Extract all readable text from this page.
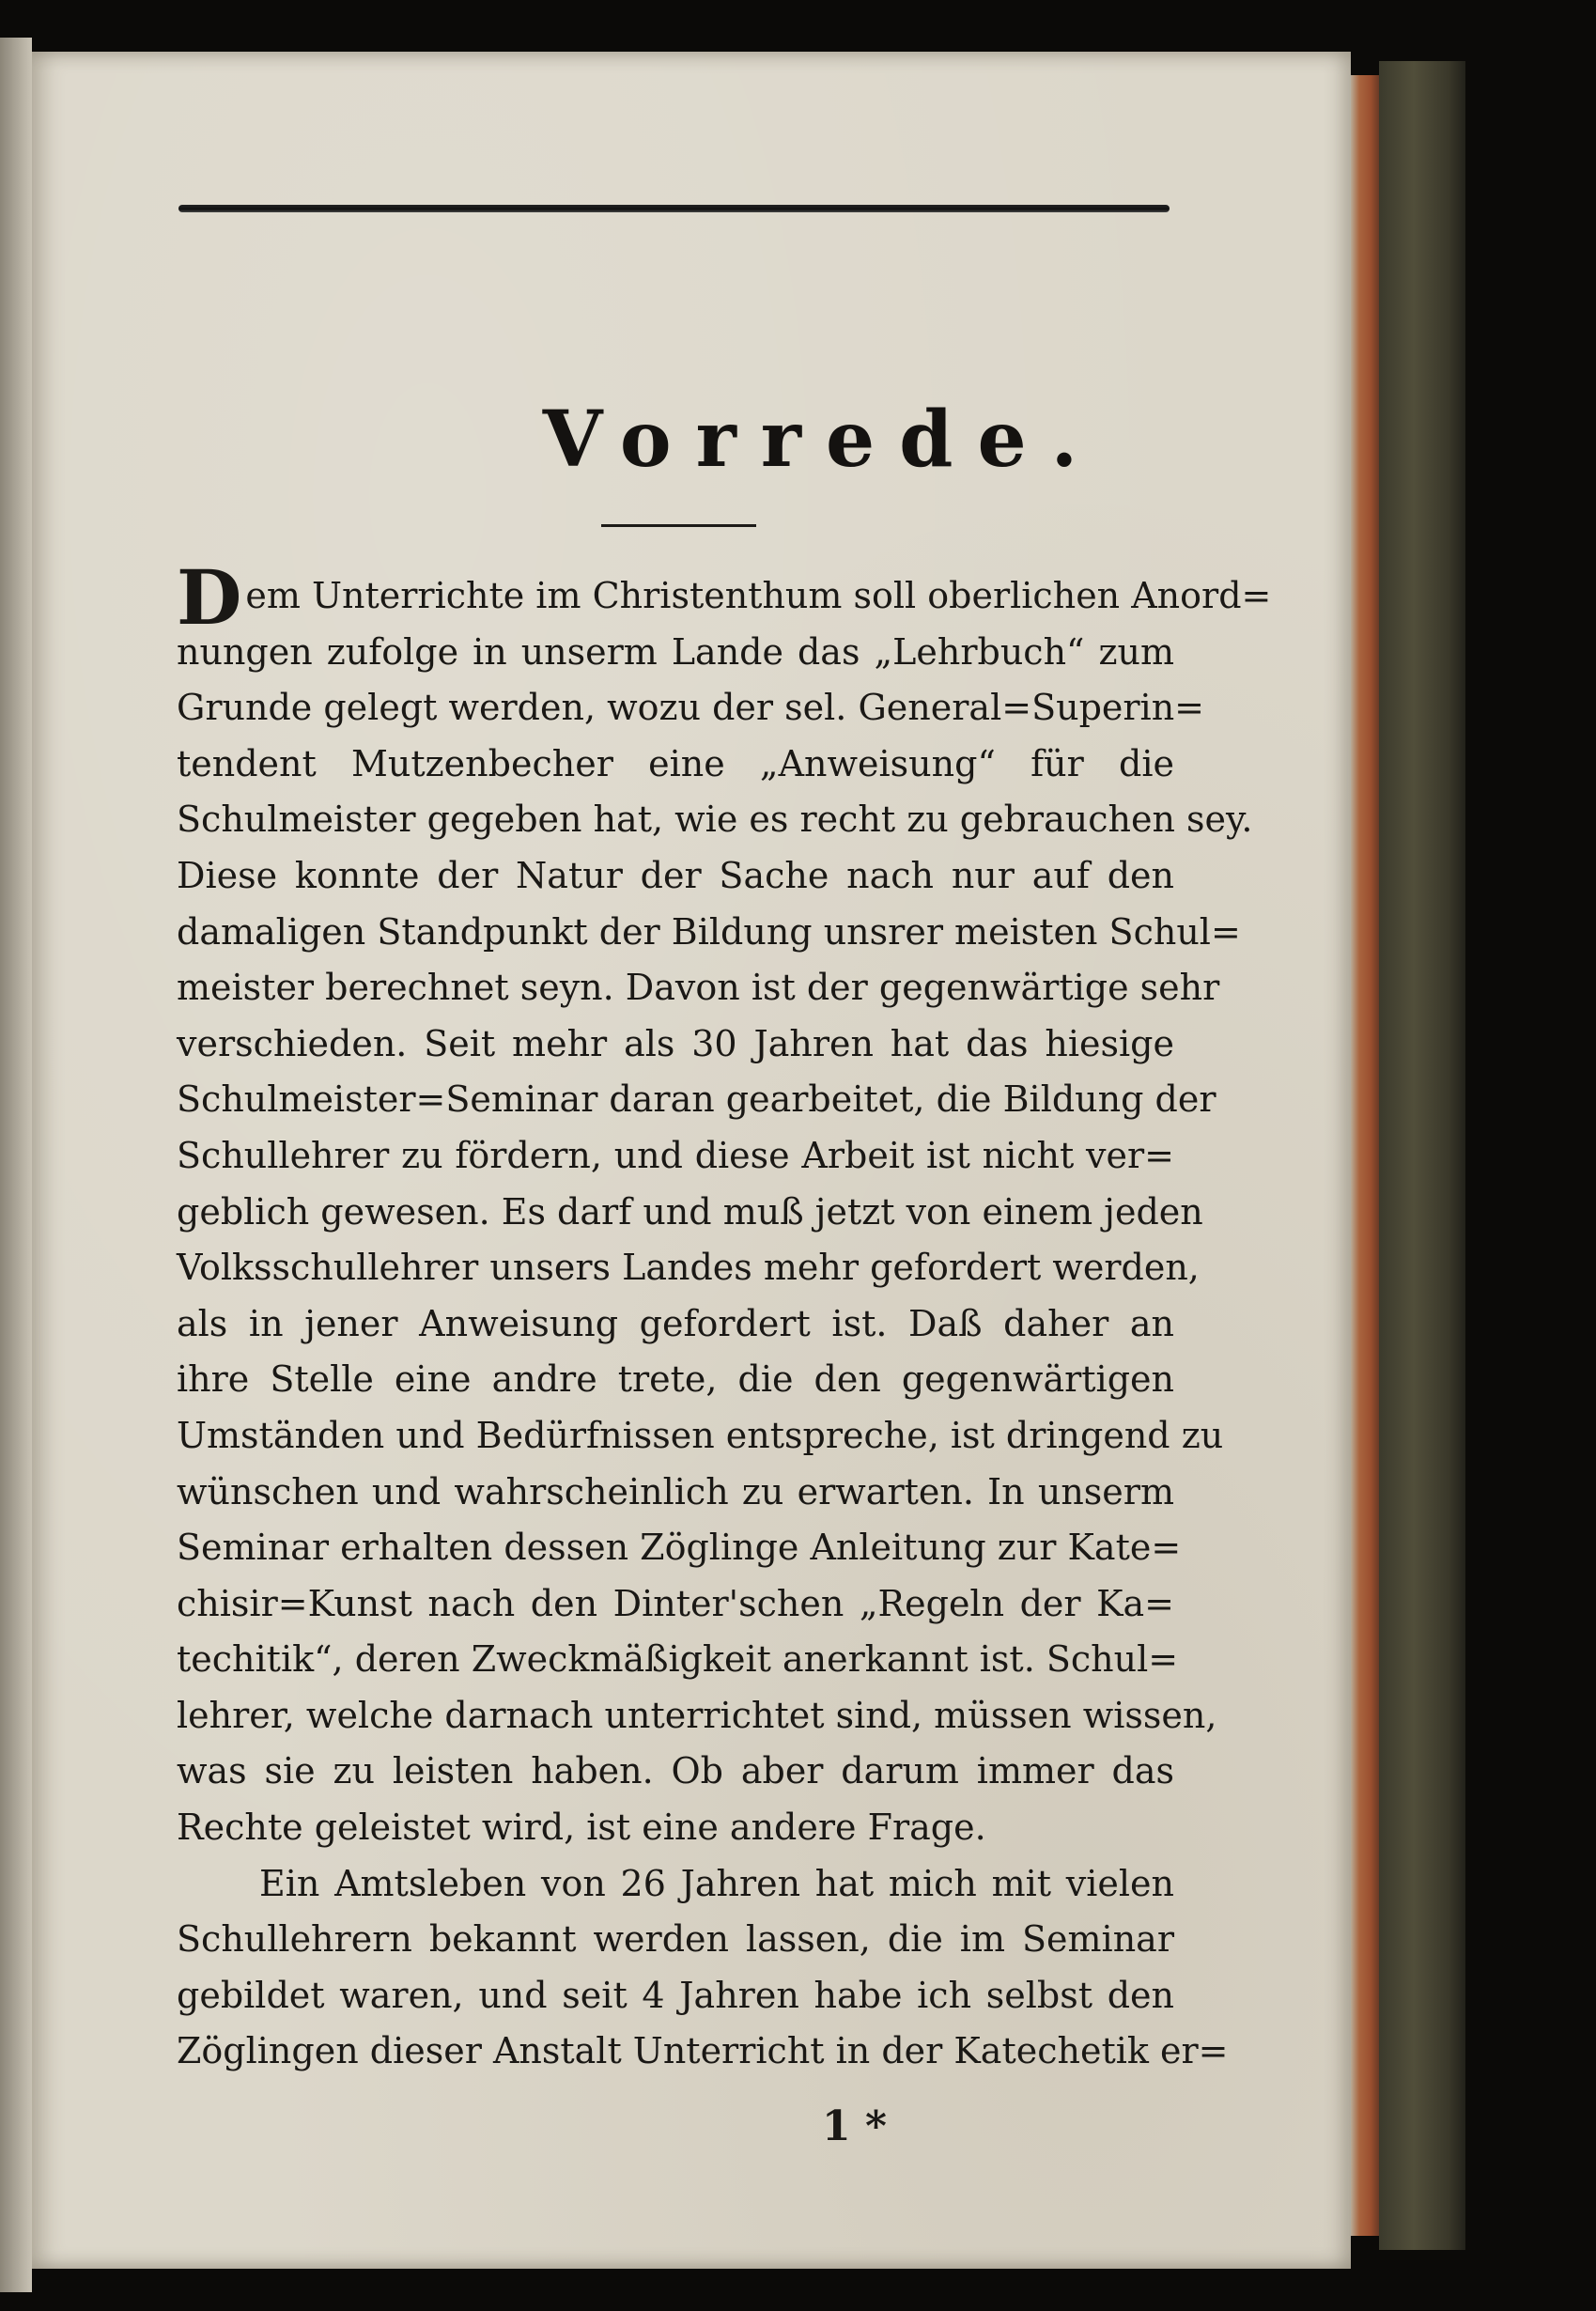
Vorrede.
D em Unterrichte im Christenthum soll oberlichen Anord=
nungen zufolge in unserm Lande das „Lehrbuch“ zum
Grunde gelegt werden, wozu der sel. General=Superin=
tendent Mutzenbecher eine „Anweisung“ für die
Schulmeister gegeben hat, wie es recht zu gebrauchen sey.
Diese konnte der Natur der Sache nach nur auf den
damaligen Standpunkt der Bildung unsrer meisten Schul=
meister berechnet seyn. Davon ist der gegenwärtige sehr
verschieden. Seit mehr als 30 Jahren hat das hiesige
Schulmeister=Seminar daran gearbeitet, die Bildung der
Schullehrer zu fördern, und diese Arbeit ist nicht ver=
geblich gewesen. Es darf und muß jetzt von einem jeden
Volksschullehrer unsers Landes mehr gefordert werden,
als in jener Anweisung gefordert ist. Daß daher an
ihre Stelle eine andre trete, die den gegenwärtigen
Umständen und Bedürfnissen entspreche, ist dringend zu
wünschen und wahrscheinlich zu erwarten. In unserm
Seminar erhalten dessen Zöglinge Anleitung zur Kate=
chisir=Kunst nach den Dinter'schen „Regeln der Ka=
techitik“, deren Zweckmäßigkeit anerkannt ist. Schul=
lehrer, welche darnach unterrichtet sind, müssen wissen,
was sie zu leisten haben. Ob aber darum immer das
Rechte geleistet wird, ist eine andere Frage.
Ein Amtsleben von 26 Jahren hat mich mit vielen
Schullehrern bekannt werden lassen, die im Seminar
gebildet waren, und seit 4 Jahren habe ich selbst den
Zöglingen dieser Anstalt Unterricht in der Katechetik er=
1 *
